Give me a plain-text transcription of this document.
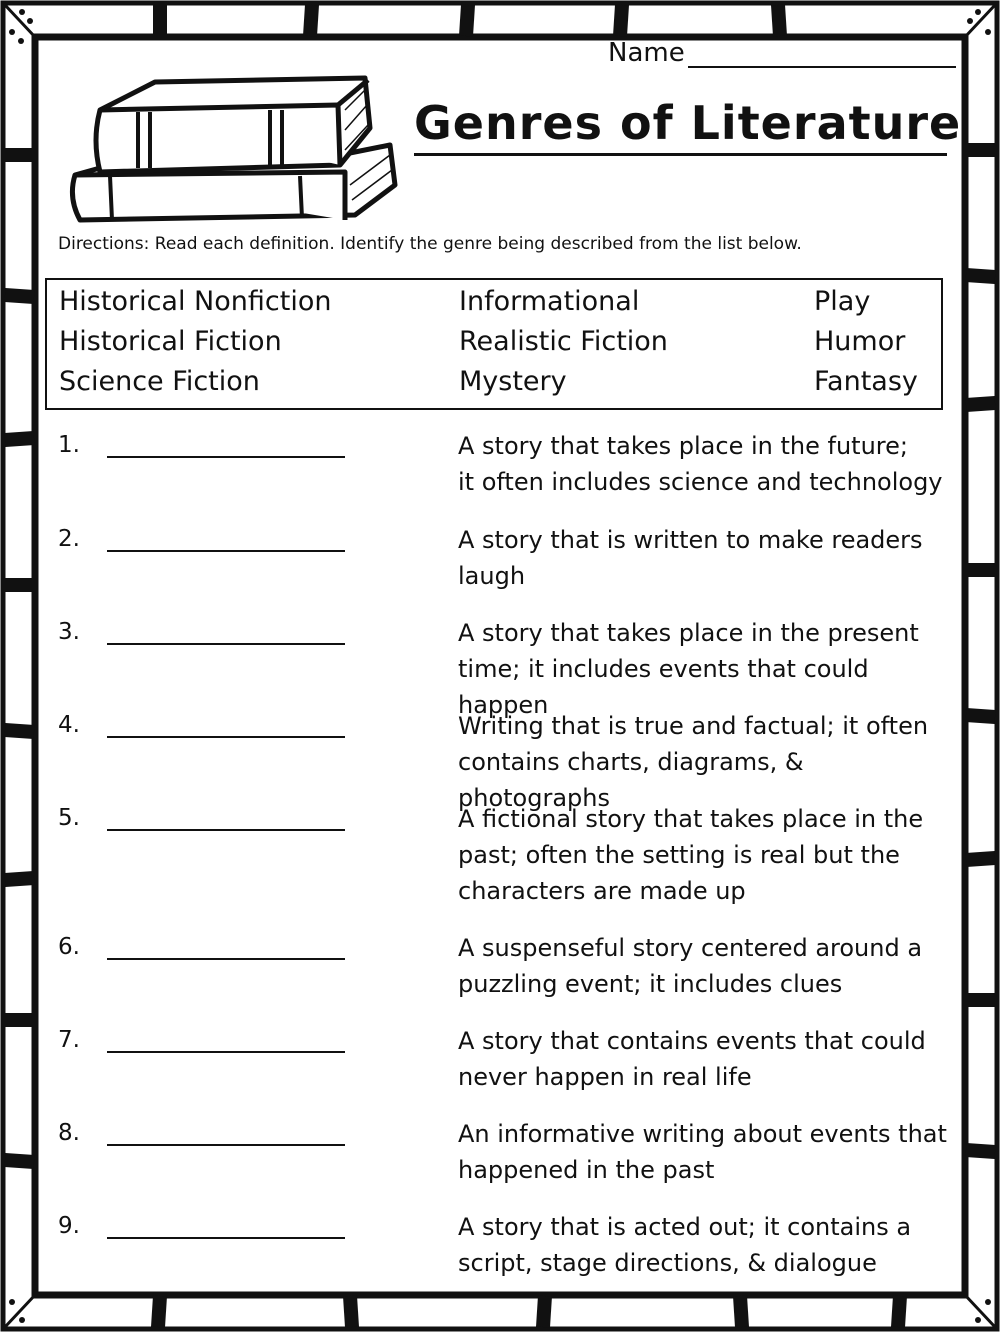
Name
Genres of Literature
Directions: Read each definition. Identify the genre being described from the list below.
Historical Nonfiction	Informational	Play
Historical Fiction	Realistic Fiction	Humor
Science Fiction	Mystery	Fantasy
1.	A story that takes place in the future;
it often includes science and technology
2.	A story that is written to make readers
laugh
3.	A story that takes place in the present
time; it includes events that could happen
4.	Writing that is true and factual; it often
contains charts, diagrams, & photographs
5.	A fictional story that takes place in the
past; often the setting is real but the
characters are made up
6.	A suspenseful story centered around a
puzzling event; it includes clues
7.	A story that contains events that could
never happen in real life
8.	An informative writing about events that
happened in the past
9.	A story that is acted out; it contains a
script, stage directions, & dialogue
